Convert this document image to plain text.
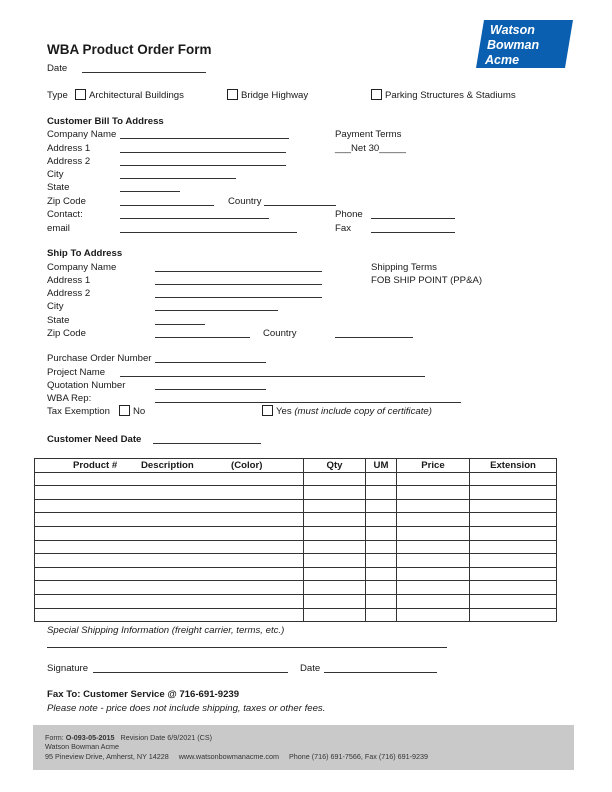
Watson
Bowman
Acme
WBA Product Order Form
Date
Type Architectural Buildings	Bridge Highway	Parking Structures & Stadiums
Customer Bill To Address
Company Name	Payment Terms
___Net 30_____
Address 1
Address 2
City
State
Zip Code	Country
Contact:	Phone
email	Fax
Ship To Address
Company Name	Shipping Terms
Address 1	FOB SHIP POINT (PP&A)
Address 2
City
State
Zip Code	Country
Purchase Order Number
Project Name
Quotation Number
WBA Rep:
Tax Exemption No	Yes (must include copy of certificate)
Customer Need Date
Product # Description (Color)	Qty	UM	Price	Extension

Special Shipping Information (freight carrier, terms, etc.)
Signature	Date
Fax To: Customer Service @ 716-691-9239
Please note - price does not include shipping, taxes or other fees.
Form: O-093-05-2015 Revision Date 6/9/2021 (CS)
Watson Bowman Acme
95 Pineview Drive, Amherst, NY 14228 www.watsonbowmanacme.com Phone (716) 691-7566, Fax (716) 691-9239
